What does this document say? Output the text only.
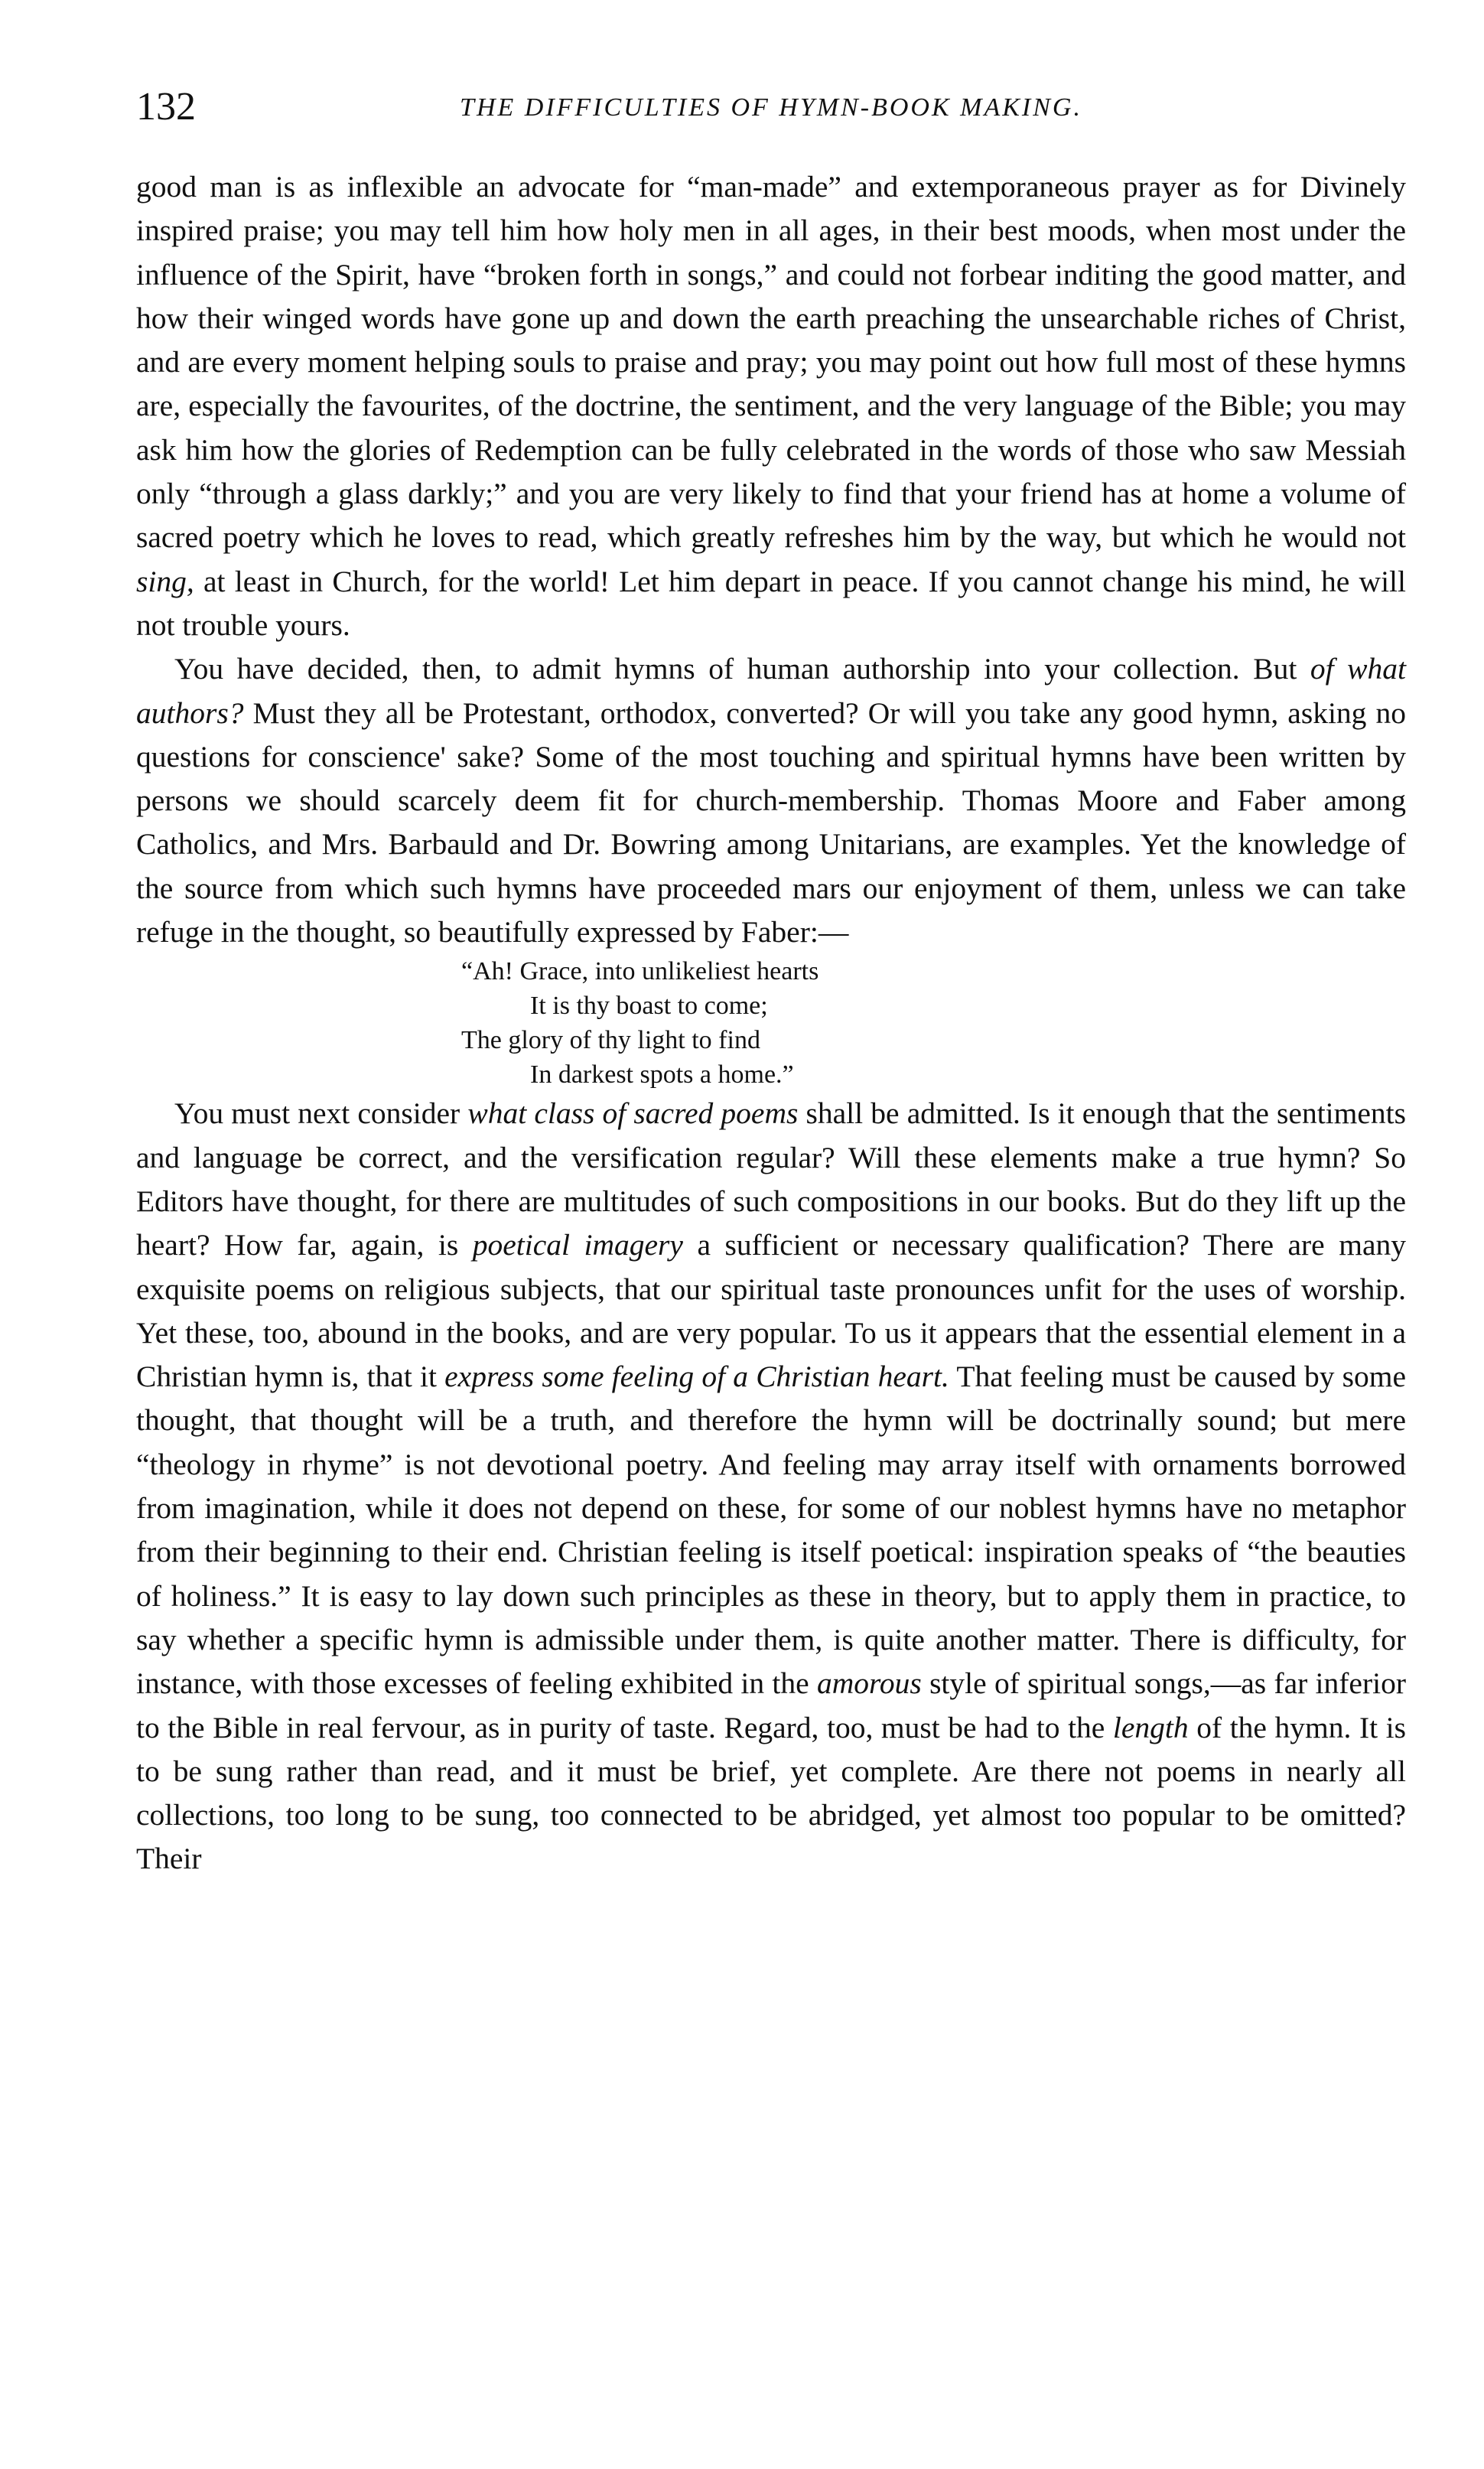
132	THE DIFFICULTIES OF HYMN-BOOK MAKING.

good man is as inflexible an advocate for “man-made” and extemporaneous prayer as for Divinely inspired praise; you may tell him how holy men in all ages, in their best moods, when most under the influence of the Spirit, have “broken forth in songs,” and could not forbear inditing the good matter, and how their winged words have gone up and down the earth preaching the unsearchable riches of Christ, and are every moment helping souls to praise and pray; you may point out how full most of these hymns are, especially the favourites, of the doctrine, the sentiment, and the very language of the Bible; you may ask him how the glories of Redemption can be fully celebrated in the words of those who saw Messiah only “through a glass darkly;” and you are very likely to find that your friend has at home a volume of sacred poetry which he loves to read, which greatly refreshes him by the way, but which he would not sing, at least in Church, for the world! Let him depart in peace. If you cannot change his mind, he will not trouble yours.

You have decided, then, to admit hymns of human authorship into your collection. But of what authors? Must they all be Protestant, orthodox, converted? Or will you take any good hymn, asking no questions for conscience' sake? Some of the most touching and spiritual hymns have been written by persons we should scarcely deem fit for church-membership. Thomas Moore and Faber among Catholics, and Mrs. Barbauld and Dr. Bowring among Unitarians, are examples. Yet the knowledge of the source from which such hymns have proceeded mars our enjoyment of them, unless we can take refuge in the thought, so beautifully expressed by Faber:—

“Ah! Grace, into unlikeliest hearts
It is thy boast to come;
The glory of thy light to find
In darkest spots a home.”

You must next consider what class of sacred poems shall be admitted. Is it enough that the sentiments and language be correct, and the versification regular? Will these elements make a true hymn? So Editors have thought, for there are multitudes of such compositions in our books. But do they lift up the heart? How far, again, is poetical imagery a sufficient or necessary qualification? There are many exquisite poems on religious subjects, that our spiritual taste pronounces unfit for the uses of worship. Yet these, too, abound in the books, and are very popular. To us it appears that the essential element in a Christian hymn is, that it express some feeling of a Christian heart. That feeling must be caused by some thought, that thought will be a truth, and therefore the hymn will be doctrinally sound; but mere “theology in rhyme” is not devotional poetry. And feeling may array itself with ornaments borrowed from imagination, while it does not depend on these, for some of our noblest hymns have no metaphor from their beginning to their end. Christian feeling is itself poetical: inspiration speaks of “the beauties of holiness.” It is easy to lay down such principles as these in theory, but to apply them in practice, to say whether a specific hymn is admissible under them, is quite another matter. There is difficulty, for instance, with those excesses of feeling exhibited in the amorous style of spiritual songs,—as far inferior to the Bible in real fervour, as in purity of taste. Regard, too, must be had to the length of the hymn. It is to be sung rather than read, and it must be brief, yet complete. Are there not poems in nearly all collections, too long to be sung, too connected to be abridged, yet almost too popular to be omitted? Their
